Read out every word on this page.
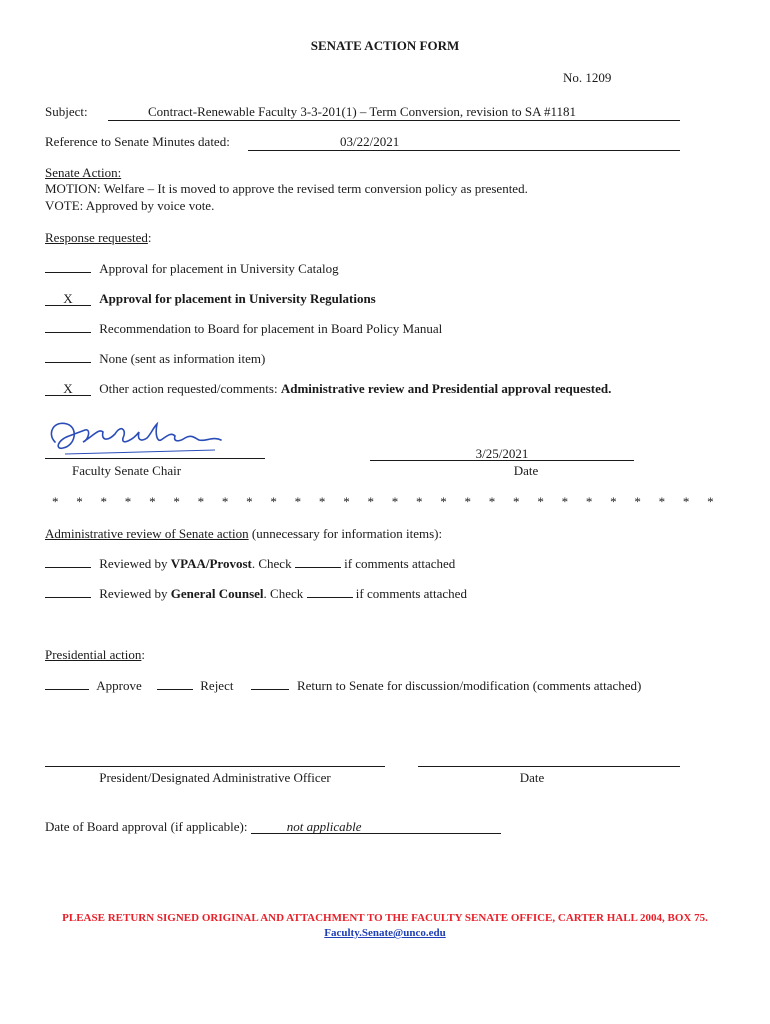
SENATE ACTION FORM
No. 1209
Subject:	Contract-Renewable Faculty 3-3-201(1) – Term Conversion, revision to SA #1181
Reference to Senate Minutes dated:	03/22/2021
Senate Action:
MOTION: Welfare – It is moved to approve the revised term conversion policy as presented.
VOTE: Approved by voice vote.
Response requested:
Approval for placement in University Catalog
X Approval for placement in University Regulations
Recommendation to Board for placement in Board Policy Manual
None (sent as information item)
X Other action requested/comments: Administrative review and Presidential approval requested.
Faculty Senate Chair
3/25/2021
Date
* * * * * * * * * * * * * * * * * * * * * * * * * * * *
Administrative review of Senate action (unnecessary for information items):
Reviewed by VPAA/Provost. Check	if comments attached
Reviewed by General Counsel. Check	if comments attached
Presidential action:
Approve	Reject	Return to Senate for discussion/modification (comments attached)
President/Designated Administrative Officer	Date
Date of Board approval (if applicable):	not applicable
PLEASE RETURN SIGNED ORIGINAL AND ATTACHMENT TO THE FACULTY SENATE OFFICE, CARTER HALL 2004, BOX 75.
Faculty.Senate@unco.edu
